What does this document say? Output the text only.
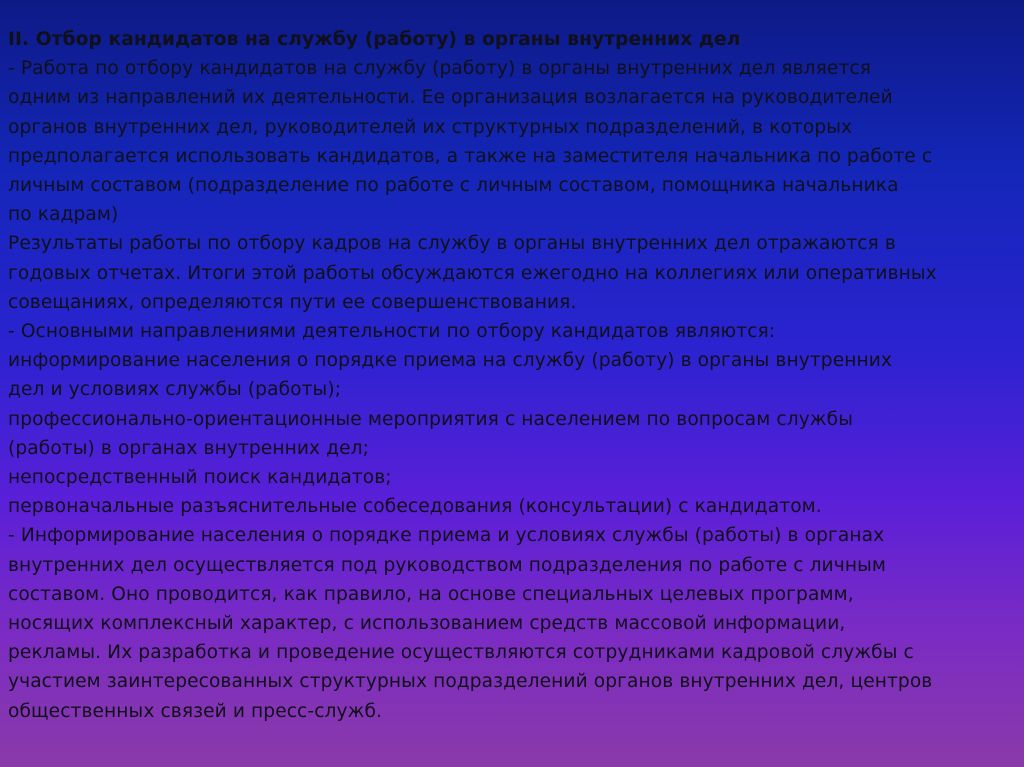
II. Отбор кандидатов на службу (работу) в органы внутренних дел
- Работа по отбору кандидатов на службу (работу) в органы внутренних дел является
одним из направлений их деятельности. Ее организация возлагается на руководителей
органов внутренних дел, руководителей их структурных подразделений, в которых
предполагается использовать кандидатов, а также на заместителя начальника по работе с
личным составом (подразделение по работе с личным составом, помощника начальника
по кадрам)
Результаты работы по отбору кадров на службу в органы внутренних дел отражаются в
годовых отчетах. Итоги этой работы обсуждаются ежегодно на коллегиях или оперативных
совещаниях, определяются пути ее совершенствования.
- Основными направлениями деятельности по отбору кандидатов являются:
информирование населения о порядке приема на службу (работу) в органы внутренних
дел и условиях службы (работы);
профессионально-ориентационные мероприятия с населением по вопросам службы
(работы) в органах внутренних дел;
непосредственный поиск кандидатов;
первоначальные разъяснительные собеседования (консультации) с кандидатом.
- Информирование населения о порядке приема и условиях службы (работы) в органах
внутренних дел осуществляется под руководством подразделения по работе с личным
составом. Оно проводится, как правило, на основе специальных целевых программ,
носящих комплексный характер, с использованием средств массовой информации,
рекламы. Их разработка и проведение осуществляются сотрудниками кадровой службы с
участием заинтересованных структурных подразделений органов внутренних дел, центров
общественных связей и пресс-служб.
